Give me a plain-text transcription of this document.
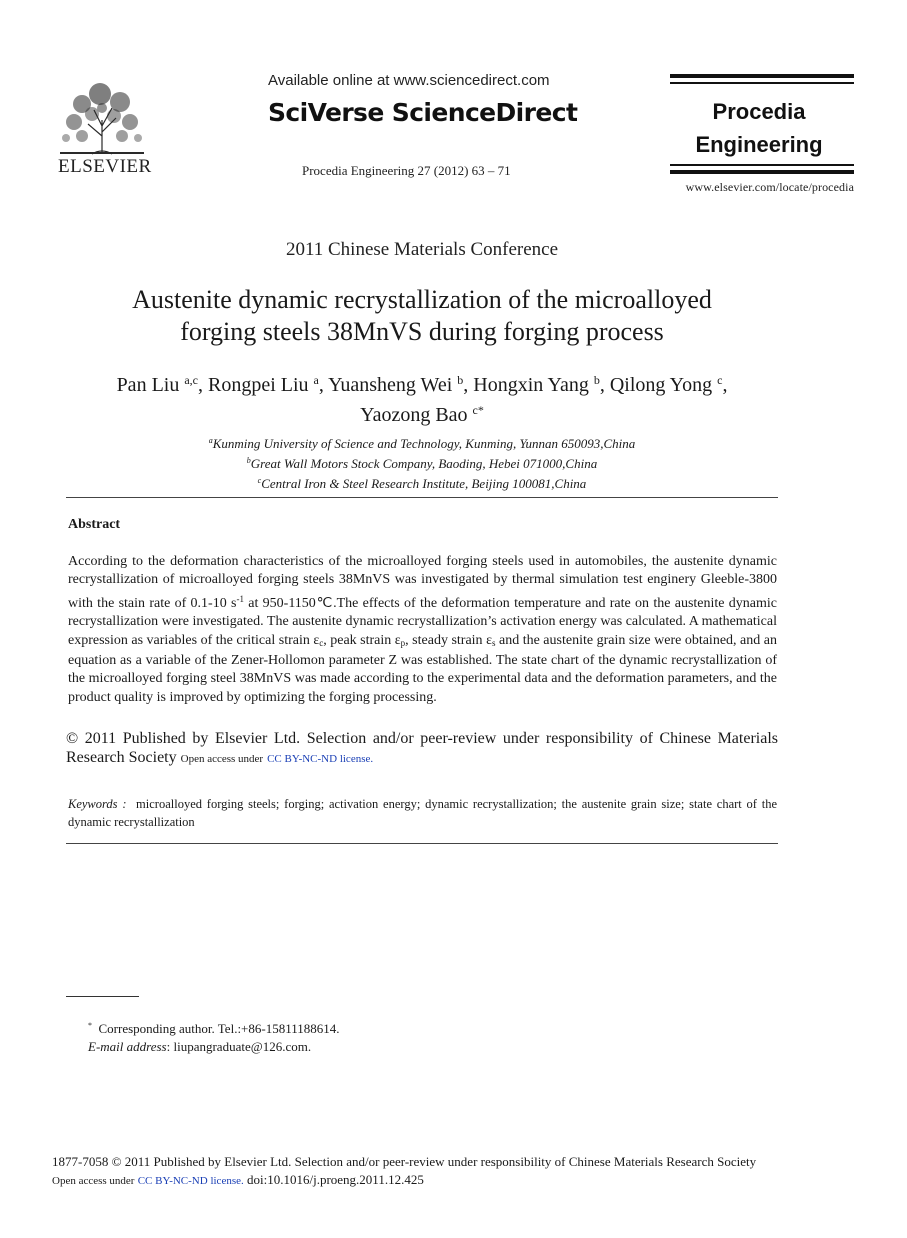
ELSEVIER
Available online at www.sciencedirect.com
SciVerse ScienceDirect
Procedia Engineering 27 (2012) 63 – 71
Procedia
Engineering
www.elsevier.com/locate/procedia
2011 Chinese Materials Conference
Austenite dynamic recrystallization of the microalloyed
forging steels 38MnVS during forging process
Pan Liu $^{a,c}$, Rongpei Liu $^a$, Yuansheng Wei $^b$, Hongxin Yang $^b$, Qilong Yong $^c$,
Yaozong Bao $^{c*}$
$^a$Kunming University of Science and Technology, Kunming, Yunnan 650093,China
$^b$Great Wall Motors Stock Company, Baoding, Hebei 071000,China
$^c$Central Iron & Steel Research Institute, Beijing 100081,China
Abstract
According to the deformation characteristics of the microalloyed forging steels used in automobiles, the austenite dynamic recrystallization of microalloyed forging steels 38MnVS was investigated by thermal simulation test enginery Gleeble-3800 with the stain rate of 0.1-10 $s^{-1}$ at 950-1150℃.The effects of the deformation temperature and rate on the austenite dynamic recrystallization were investigated. The austenite dynamic recrystallization’s activation energy was calculated. A mathematical expression as variables of the critical strain $\varepsilon_c$, peak strain $\varepsilon_p$, steady strain $\varepsilon_s$ and the austenite grain size were obtained, and an equation as a variable of the Zener-Hollomon parameter Z was established. The state chart of the dynamic recrystallization of the microalloyed forging steel 38MnVS was made according to the experimental data and the deformation parameters, and the product quality is improved by optimizing the forging processing.
© 2011 Published by Elsevier Ltd. Selection and/or peer-review under responsibility of Chinese Materials Research Society Open access under CC BY-NC-ND license.
Keywords : microalloyed forging steels; forging; activation energy; dynamic recrystallization; the austenite grain size; state chart of the dynamic recrystallization
* Corresponding author. Tel.:+86-15811188614.
E-mail address: liupangraduate@126.com.
1877-7058 © 2011 Published by Elsevier Ltd. Selection and/or peer-review under responsibility of Chinese Materials Research Society
Open access under CC BY-NC-ND license. doi:10.1016/j.proeng.2011.12.425
